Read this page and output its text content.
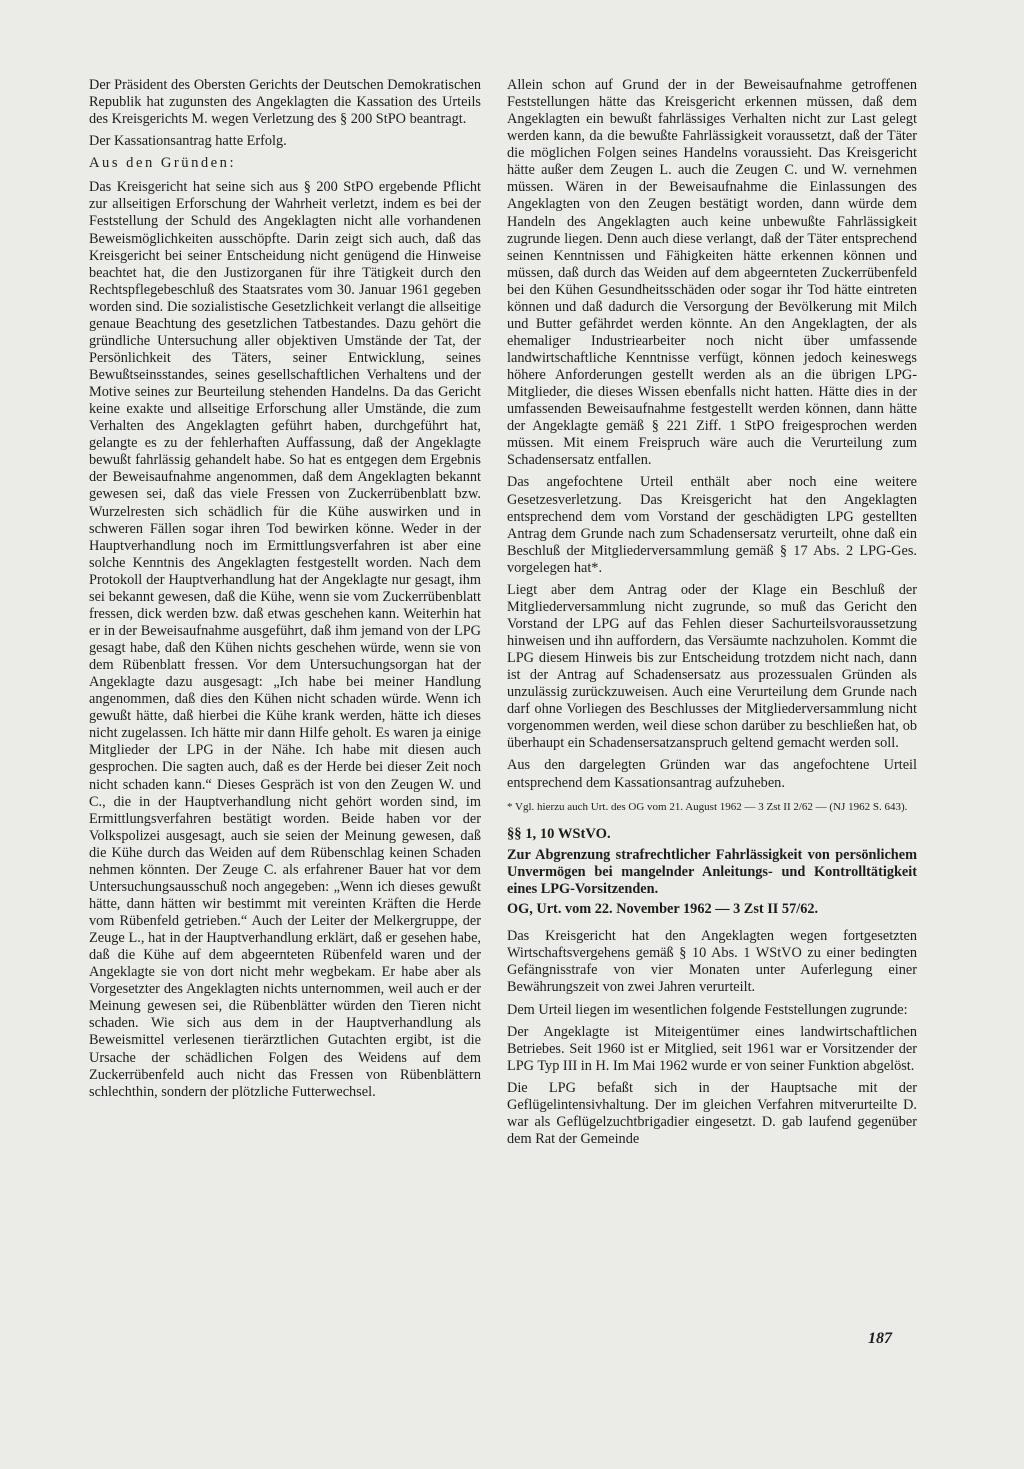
Der Präsident des Obersten Gerichts der Deutschen Demokratischen Republik hat zugunsten des Angeklagten die Kassation des Urteils des Kreisgerichts M. wegen Verletzung des § 200 StPO beantragt.

Der Kassationsantrag hatte Erfolg.

Aus den Gründen:

Das Kreisgericht hat seine sich aus § 200 StPO ergebende Pflicht zur allseitigen Erforschung der Wahrheit verletzt, indem es bei der Feststellung der Schuld des Angeklagten nicht alle vorhandenen Beweismöglichkeiten ausschöpfte. Darin zeigt sich auch, daß das Kreisgericht bei seiner Entscheidung nicht genügend die Hinweise beachtet hat, die den Justizorganen für ihre Tätigkeit durch den Rechtspflegebeschluß des Staatsrates vom 30. Januar 1961 gegeben worden sind. Die sozialistische Gesetzlichkeit verlangt die allseitige genaue Beachtung des gesetzlichen Tatbestandes. Dazu gehört die gründliche Untersuchung aller objektiven Umstände der Tat, der Persönlichkeit des Täters, seiner Entwicklung, seines Bewußtseinsstandes, seines gesellschaftlichen Verhaltens und der Motive seines zur Beurteilung stehenden Handelns. Da das Gericht keine exakte und allseitige Erforschung aller Umstände, die zum Verhalten des Angeklagten geführt haben, durchgeführt hat, gelangte es zu der fehlerhaften Auffassung, daß der Angeklagte bewußt fahrlässig gehandelt habe. So hat es entgegen dem Ergebnis der Beweisaufnahme angenommen, daß dem Angeklagten bekannt gewesen sei, daß das viele Fressen von Zuckerrübenblatt bzw. Wurzelresten sich schädlich für die Kühe auswirken und in schweren Fällen sogar ihren Tod bewirken könne. Weder in der Hauptverhandlung noch im Ermittlungsverfahren ist aber eine solche Kenntnis des Angeklagten festgestellt worden. Nach dem Protokoll der Hauptverhandlung hat der Angeklagte nur gesagt, ihm sei bekannt gewesen, daß die Kühe, wenn sie vom Zuckerrübenblatt fressen, dick werden bzw. daß etwas geschehen kann. Weiterhin hat er in der Beweisaufnahme ausgeführt, daß ihm jemand von der LPG gesagt habe, daß den Kühen nichts geschehen würde, wenn sie von dem Rübenblatt fressen. Vor dem Untersuchungsorgan hat der Angeklagte dazu ausgesagt: „Ich habe bei meiner Handlung angenommen, daß dies den Kühen nicht schaden würde. Wenn ich gewußt hätte, daß hierbei die Kühe krank werden, hätte ich dieses nicht zugelassen. Ich hätte mir dann Hilfe geholt. Es waren ja einige Mitglieder der LPG in der Nähe. Ich habe mit diesen auch gesprochen. Die sagten auch, daß es der Herde bei dieser Zeit noch nicht schaden kann.“ Dieses Gespräch ist von den Zeugen W. und C., die in der Hauptverhandlung nicht gehört worden sind, im Ermittlungsverfahren bestätigt worden. Beide haben vor der Volkspolizei ausgesagt, auch sie seien der Meinung gewesen, daß die Kühe durch das Weiden auf dem Rübenschlag keinen Schaden nehmen könnten. Der Zeuge C. als erfahrener Bauer hat vor dem Untersuchungsausschuß noch angegeben: „Wenn ich dieses gewußt hätte, dann hätten wir bestimmt mit vereinten Kräften die Herde vom Rübenfeld getrieben.“ Auch der Leiter der Melkergruppe, der Zeuge L., hat in der Hauptverhandlung erklärt, daß er gesehen habe, daß die Kühe auf dem abgeernteten Rübenfeld waren und der Angeklagte sie von dort nicht mehr wegbekam. Er habe aber als Vorgesetzter des Angeklagten nichts unternommen, weil auch er der Meinung gewesen sei, die Rübenblätter würden den Tieren nicht schaden. Wie sich aus dem in der Hauptverhandlung als Beweismittel verlesenen tierärztlichen Gutachten ergibt, ist die Ursache der schädlichen Folgen des Weidens auf dem Zuckerrübenfeld auch nicht das Fressen von Rübenblättern schlechthin, sondern der plötzliche Futterwechsel.

Allein schon auf Grund der in der Beweisaufnahme getroffenen Feststellungen hätte das Kreisgericht erkennen müssen, daß dem Angeklagten ein bewußt fahrlässiges Verhalten nicht zur Last gelegt werden kann, da die bewußte Fahrlässigkeit voraussetzt, daß der Täter die möglichen Folgen seines Handelns voraussieht. Das Kreisgericht hätte außer dem Zeugen L. auch die Zeugen C. und W. vernehmen müssen. Wären in der Beweisaufnahme die Einlassungen des Angeklagten von den Zeugen bestätigt worden, dann würde dem Handeln des Angeklagten auch keine unbewußte Fahrlässigkeit zugrunde liegen. Denn auch diese verlangt, daß der Täter entsprechend seinen Kenntnissen und Fähigkeiten hätte erkennen können und müssen, daß durch das Weiden auf dem abgeernteten Zuckerrübenfeld bei den Kühen Gesundheitsschäden oder sogar ihr Tod hätte eintreten können und daß dadurch die Versorgung der Bevölkerung mit Milch und Butter gefährdet werden könnte. An den Angeklagten, der als ehemaliger Industriearbeiter noch nicht über umfassende landwirtschaftliche Kenntnisse verfügt, können jedoch keineswegs höhere Anforderungen gestellt werden als an die übrigen LPG-Mitglieder, die dieses Wissen ebenfalls nicht hatten. Hätte dies in der umfassenden Beweisaufnahme festgestellt werden können, dann hätte der Angeklagte gemäß § 221 Ziff. 1 StPO freigesprochen werden müssen. Mit einem Freispruch wäre auch die Verurteilung zum Schadensersatz entfallen.

Das angefochtene Urteil enthält aber noch eine weitere Gesetzesverletzung. Das Kreisgericht hat den Angeklagten entsprechend dem vom Vorstand der geschädigten LPG gestellten Antrag dem Grunde nach zum Schadensersatz verurteilt, ohne daß ein Beschluß der Mitgliederversammlung gemäß § 17 Abs. 2 LPG-Ges. vorgelegen hat*.

Liegt aber dem Antrag oder der Klage ein Beschluß der Mitgliederversammlung nicht zugrunde, so muß das Gericht den Vorstand der LPG auf das Fehlen dieser Sachurteilsvoraussetzung hinweisen und ihn auffordern, das Versäumte nachzuholen. Kommt die LPG diesem Hinweis bis zur Entscheidung trotzdem nicht nach, dann ist der Antrag auf Schadensersatz aus prozessualen Gründen als unzulässig zurückzuweisen. Auch eine Verurteilung dem Grunde nach darf ohne Vorliegen des Beschlusses der Mitgliederversammlung nicht vorgenommen werden, weil diese schon darüber zu beschließen hat, ob überhaupt ein Schadensersatzanspruch geltend gemacht werden soll.

Aus den dargelegten Gründen war das angefochtene Urteil entsprechend dem Kassationsantrag aufzuheben.

* Vgl. hierzu auch Urt. des OG vom 21. August 1962 — 3 Zst II 2/62 — (NJ 1962 S. 643).

§§ 1, 10 WStVO.

Zur Abgrenzung strafrechtlicher Fahrlässigkeit von persönlichem Unvermögen bei mangelnder Anleitungs- und Kontrolltätigkeit eines LPG-Vorsitzenden.

OG, Urt. vom 22. November 1962 — 3 Zst II 57/62.

Das Kreisgericht hat den Angeklagten wegen fortgesetzten Wirtschaftsvergehens gemäß § 10 Abs. 1 WStVO zu einer bedingten Gefängnisstrafe von vier Monaten unter Auferlegung einer Bewährungszeit von zwei Jahren verurteilt.

Dem Urteil liegen im wesentlichen folgende Feststellungen zugrunde:

Der Angeklagte ist Miteigentümer eines landwirtschaftlichen Betriebes. Seit 1960 ist er Mitglied, seit 1961 war er Vorsitzender der LPG Typ III in H. Im Mai 1962 wurde er von seiner Funktion abgelöst.

Die LPG befaßt sich in der Hauptsache mit der Geflügelintensivhaltung. Der im gleichen Verfahren mitverurteilte D. war als Geflügelzuchtbrigadier eingesetzt. D. gab laufend gegenüber dem Rat der Gemeinde

187
